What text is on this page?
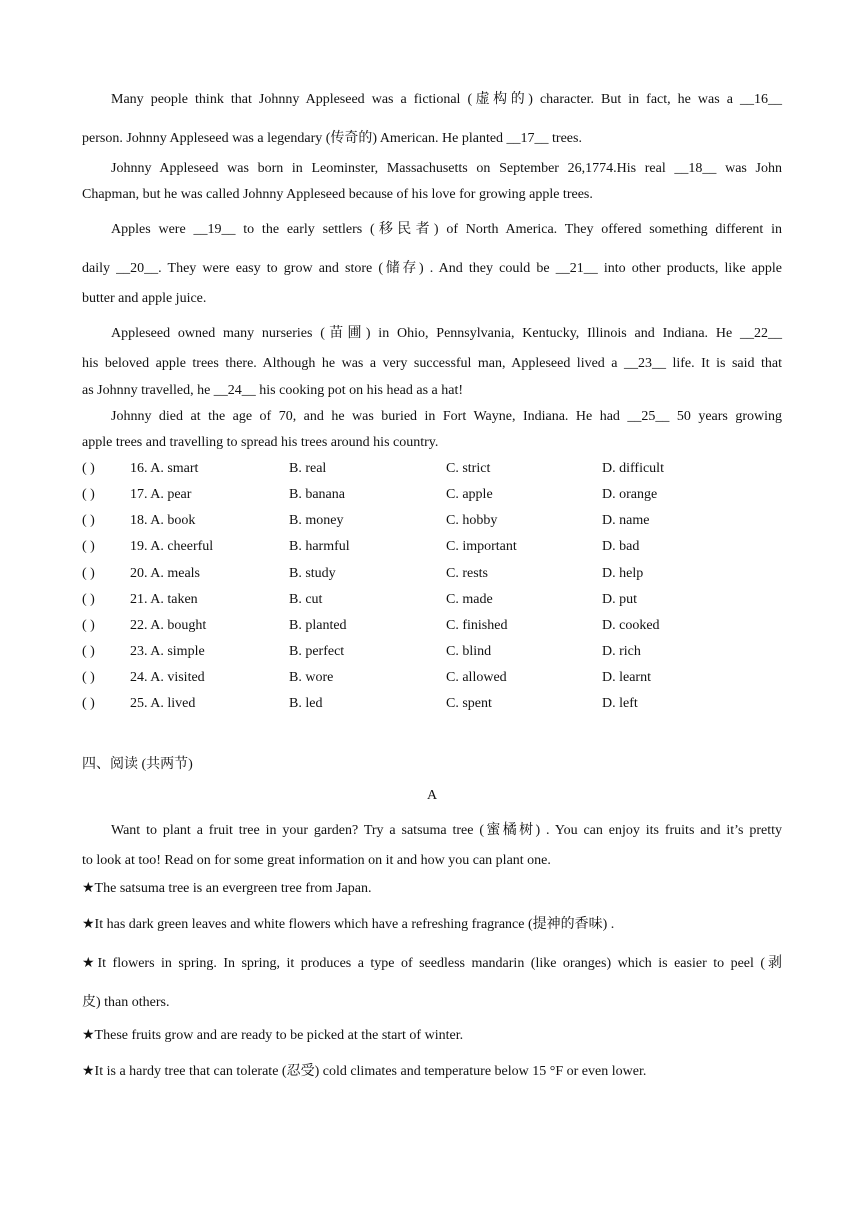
Many people think that Johnny Appleseed was a fictional (虚构的) character. But in fact, he was a __16__

person. Johnny Appleseed was a legendary (传奇的) American. He planted __17__ trees.

Johnny Appleseed was born in Leominster, Massachusetts on September 26,1774.His real __18__ was John

Chapman, but he was called Johnny Appleseed because of his love for growing apple trees.

Apples were __19__ to the early settlers (移民者) of North America. They offered something different in

daily __20__. They were easy to grow and store (储存) . And they could be __21__ into other products, like apple

butter and apple juice.

Appleseed owned many nurseries (苗圃) in Ohio, Pennsylvania, Kentucky, Illinois and Indiana. He __22__

his beloved apple trees there. Although he was a very successful man, Appleseed lived a __23__ life. It is said that

as Johnny travelled, he __24__ his cooking pot on his head as a hat!

Johnny died at the age of 70, and he was buried in Fort Wayne, Indiana. He had __25__ 50 years growing

apple trees and travelling to spread his trees around his country.

( )	16. A. smart	B. real	C. strict	D. difficult
( )	17. A. pear	B. banana	C. apple	D. orange
( )	18. A. book	B. money	C. hobby	D. name
( )	19. A. cheerful	B. harmful	C. important	D. bad
( )	20. A. meals	B. study	C. rests	D. help
( )	21. A. taken	B. cut	C. made	D. put
( )	22. A. bought	B. planted	C. finished	D. cooked
( )	23. A. simple	B. perfect	C. blind	D. rich
( )	24. A. visited	B. wore	C. allowed	D. learnt
( )	25. A. lived	B. led	C. spent	D. left
四、阅读 (共两节)
A

Want to plant a fruit tree in your garden? Try a satsuma tree (蜜橘树) . You can enjoy its fruits and it’s pretty

to look at too! Read on for some great information on it and how you can plant one.

★The satsuma tree is an evergreen tree from Japan.

★It has dark green leaves and white flowers which have a refreshing fragrance (提神的香味) .

★It flowers in spring. In spring, it produces a type of seedless mandarin (like oranges) which is easier to peel (剥

皮) than others.

★These fruits grow and are ready to be picked at the start of winter.

★It is a hardy tree that can tolerate (忍受) cold climates and temperature below 15 °F or even lower.
